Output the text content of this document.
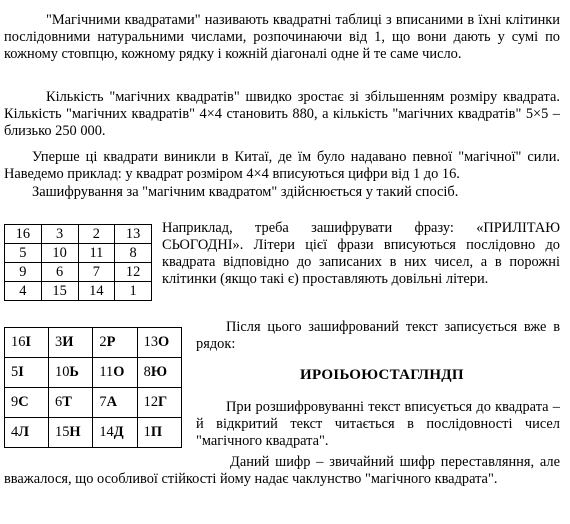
"Магічними квадратами" називають квадратні таблиці з вписаними в їхні клітинки послідовними натуральними числами, розпочинаючи від 1, що вони дають у сумі по кожному стовпцю, кожному рядку і кожній діагоналі одне й те саме число.

Кількість "магічних квадратів" швидко зростає зі збільшенням розміру квадрата. Кількість "магічних квадратів" 4×4 становить 880, а кількість "магічних квадратів" 5×5 – близько 250 000.

Уперше ці квадрати виникли в Китаї, де їм було надавано певної "магічної" сили. Наведемо приклад: у квадрат розміром 4×4 вписуються цифри від 1 до 16.

Зашифрування за "магічним квадратом" здійснюється у такий спосіб.

16	3	2	13
5	10	11	8
9	6	7	12
4	15	14	1

Наприклад, треба зашифрувати фразу: «ПРИЛІТАЮ СЬОГОДНІ». Літери цієї фрази вписуються послідовно до квадрата відповідно до записаних в них чисел, а в порожні клітинки (якщо такі є) проставляють довільні літери.

16І	3И	2Р	13О
5І	10Ь	11О	8Ю
9С	6Т	7А	12Г
4Л	15Н	14Д	1П

Після цього зашифрований текст записується вже в рядок:

ИРОІЬОЮСТАГЛНДП

При розшифровуванні текст вписується до квадрата – й відкритий текст читається в послідовності чисел "магічного квадрата".

Даний шифр – звичайний шифр переставляння, але вважалося, що особливої стійкості йому надає чаклунство "магічного квадрата".
